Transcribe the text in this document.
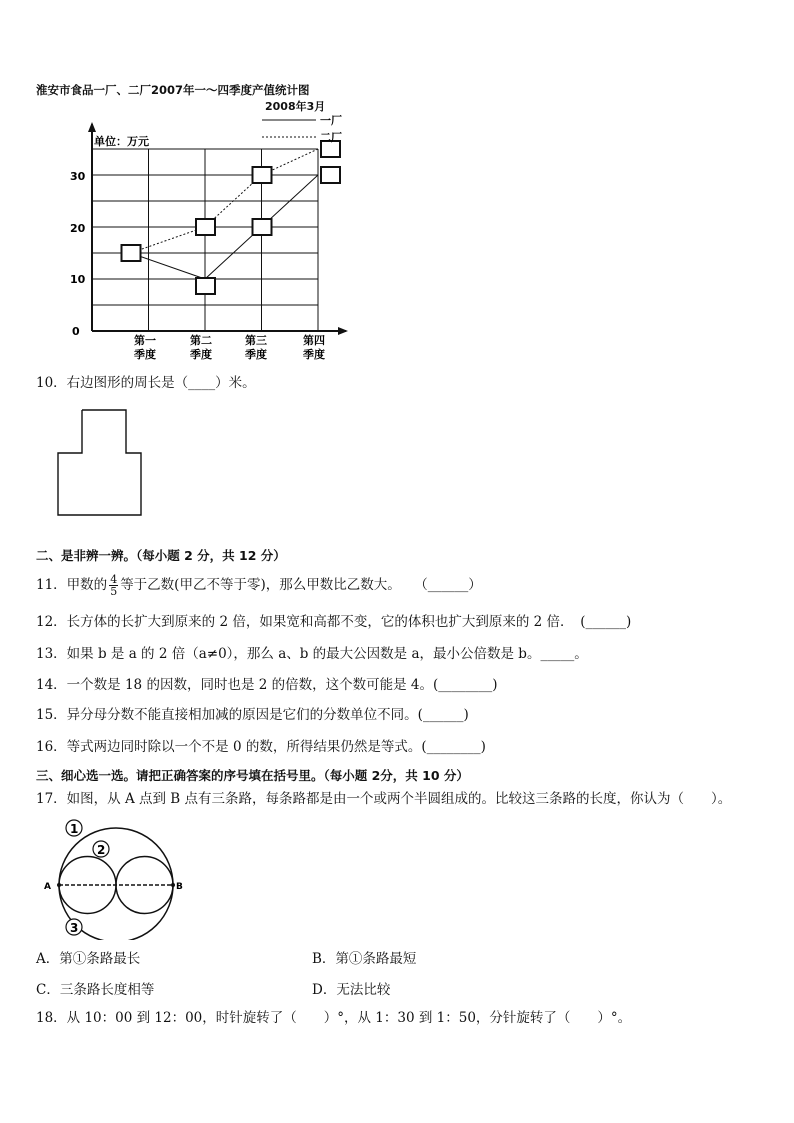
淮安市食品一厂、二厂2007年一～四季度产值统计图
2008年3月
单位：万元
一厂
二厂
0
10
20
30
第一
季度
第二
季度
第三
季度
第四
季度
10．右边图形的周长是（____）米。
二、是非辨一辨。（每小题 2 分，共 12 分）
11．甲数的 $\frac{4}{5}$ 等于乙数(甲乙不等于零)，那么甲数比乙数大。　　（______）
12．长方体的长扩大到原来的 2 倍，如果宽和高都不变，它的体积也扩大到原来的 2 倍．　(______)
13．如果 b 是 a 的 2 倍（a≠0），那么 a、b 的最大公因数是 a，最小公倍数是 b。_____。
14．一个数是 18 的因数，同时也是 2 的倍数，这个数可能是 4。(________)
15．异分母分数不能直接相加减的原因是它们的分数单位不同。(______)
16．等式两边同时除以一个不是 0 的数，所得结果仍然是等式。(________)
三、细心选一选。请把正确答案的序号填在括号里。（每小题 2分，共 10 分）
17．如图，从 A 点到 B 点有三条路，每条路都是由一个或两个半圆组成的。比较这三条路的长度，你认为（　　）。
1
2
3
A	B
A．第①条路最长	B．第①条路最短
C．三条路长度相等	D．无法比较
18．从 10：00 到 12：00，时针旋转了（　　）°，从 1：30 到 1：50，分针旋转了（　　）°。
